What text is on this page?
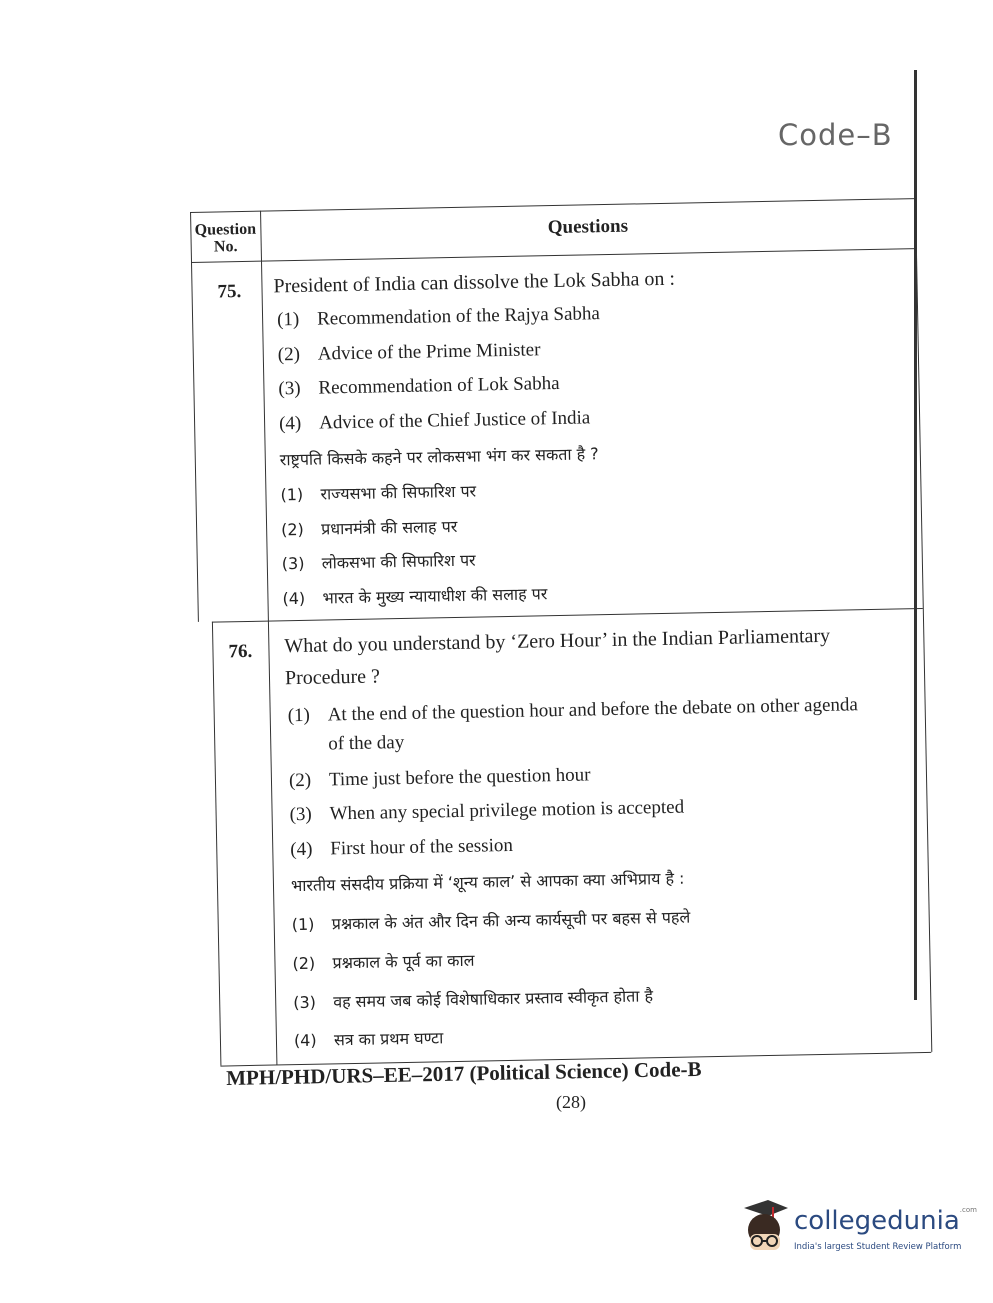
Code–B
Question
No.
Questions
75. President of India can dissolve the Lok Sabha on :
(1) Recommendation of the Rajya Sabha
(2) Advice of the Prime Minister
(3) Recommendation of Lok Sabha
(4) Advice of the Chief Justice of India
राष्ट्रपति किसके कहने पर लोकसभा भंग कर सकता है ?
(1) राज्यसभा की सिफारिश पर
(2) प्रधानमंत्री की सलाह पर
(3) लोकसभा की सिफारिश पर
(4) भारत के मुख्य न्यायाधीश की सलाह पर
76. What do you understand by ‘Zero Hour’ in the Indian Parliamentary Procedure ?
(1) At the end of the question hour and before the debate on other agenda
of the day
(2) Time just before the question hour
(3) When any special privilege motion is accepted
(4) First hour of the session
भारतीय संसदीय प्रक्रिया में ‘शून्य काल’ से आपका क्या अभिप्राय है :
(1) प्रश्नकाल के अंत और दिन की अन्य कार्यसूची पर बहस से पहले
(2) प्रश्नकाल के पूर्व का काल
(3) वह समय जब कोई विशेषाधिकार प्रस्ताव स्वीकृत होता है
(4) सत्र का प्रथम घण्टा
MPH/PHD/URS–EE–2017 (Political Science) Code-B
(28)
collegedunia$^{.com}$
India's largest Student Review Platform
